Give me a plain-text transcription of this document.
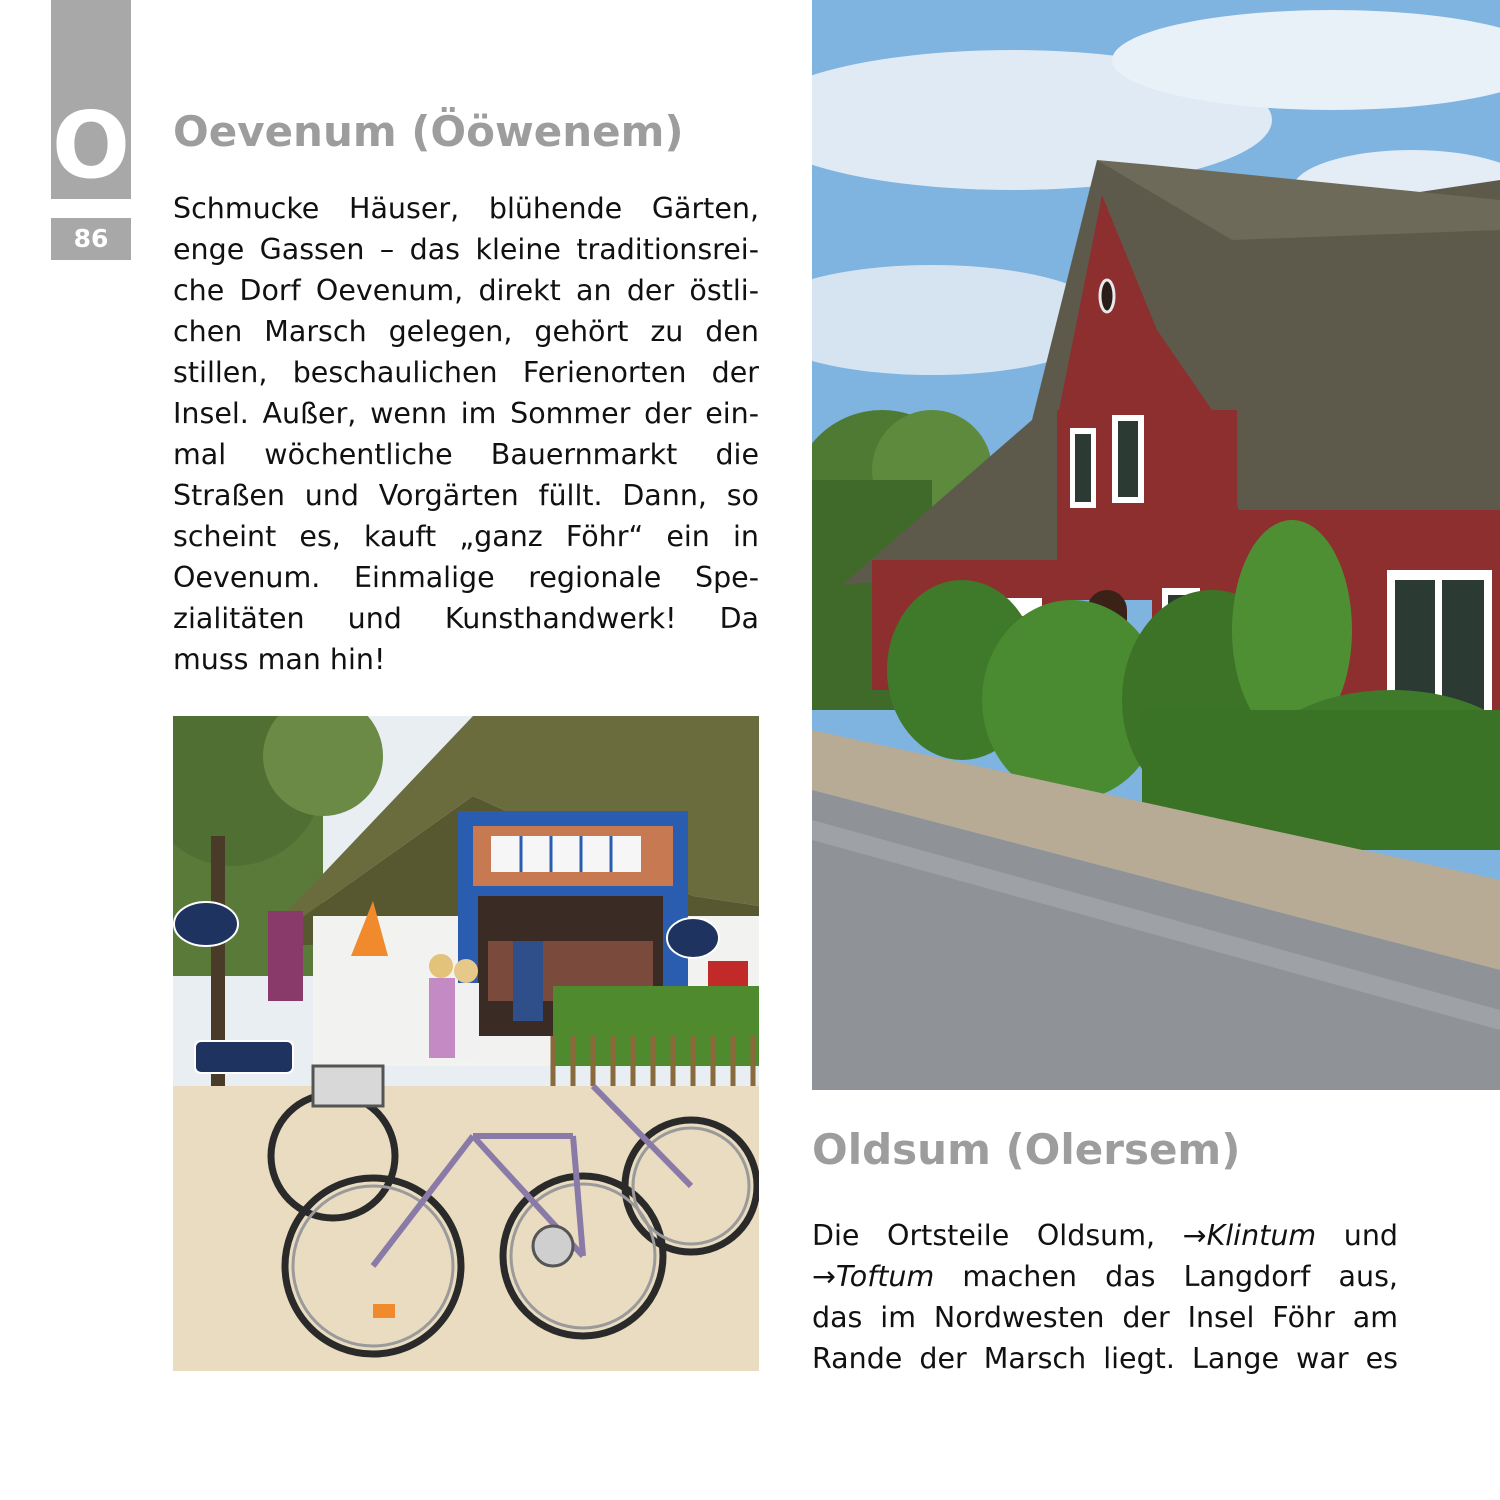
O
86
Oevenum (Ööwenem)
Schmucke Häuser, blühende Gärten,
enge Gassen – das kleine traditionsrei-
che Dorf Oevenum, direkt an der östli-
chen Marsch gelegen, gehört zu den
stillen, beschaulichen Ferienorten der
Insel. Außer, wenn im Sommer der ein-
mal wöchentliche Bauernmarkt die
Straßen und Vorgärten füllt. Dann, so
scheint es, kauft „ganz Föhr“ ein in
Oevenum. Einmalige regionale Spe-
zialitäten und Kunsthandwerk! Da
muss man hin!
Oldsum (Olersem)
Die Ortsteile Oldsum, →Klintum und
→Toftum machen das Langdorf aus,
das im Nordwesten der Insel Föhr am
Rande der Marsch liegt. Lange war es
